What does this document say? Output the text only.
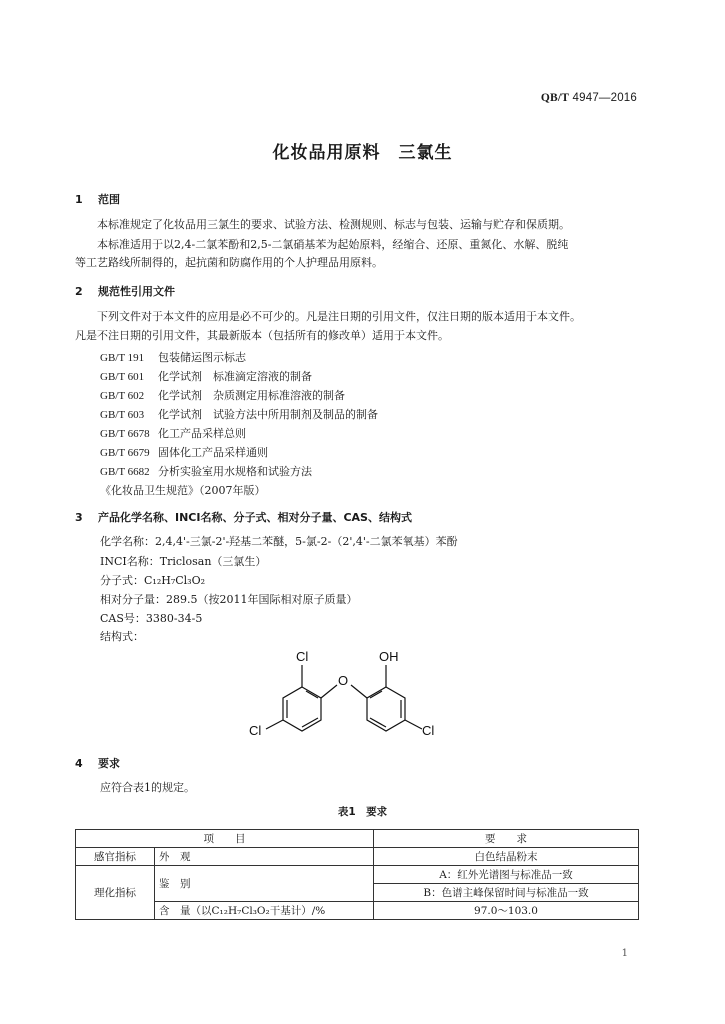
QB/T 4947—2016
化妆品用原料　三氯生
1 范围
本标准规定了化妆品用三氯生的要求、试验方法、检测规则、标志与包装、运输与贮存和保质期。
本标准适用于以2,4-二氯苯酚和2,5-二氯硝基苯为起始原料，经缩合、还原、重氮化、水解、脱纯
等工艺路线所制得的，起抗菌和防腐作用的个人护理品用原料。
2 规范性引用文件
下列文件对于本文件的应用是必不可少的。凡是注日期的引用文件，仅注日期的版本适用于本文件。
凡是不注日期的引用文件，其最新版本（包括所有的修改单）适用于本文件。
GB/T 191 包装储运图示标志
GB/T 601 化学试剂　标准滴定溶液的制备
GB/T 602 化学试剂　杂质测定用标准溶液的制备
GB/T 603 化学试剂　试验方法中所用制剂及制品的制备
GB/T 6678 化工产品采样总则
GB/T 6679 固体化工产品采样通则
GB/T 6682 分析实验室用水规格和试验方法
《化妆品卫生规范》（2007年版）
3 产品化学名称、INCI名称、分子式、相对分子量、CAS、结构式
化学名称：2,4,4'-三氯-2'-羟基二苯醚，5-氯-2-（2',4'-二氯苯氧基）苯酚
INCI名称：Triclosan（三氯生）
分子式：C₁₂H₇Cl₃O₂
相对分子量：289.5（按2011年国际相对原子质量）
CAS号：3380-34-5
结构式：
Cl	OH
O
Cl	Cl
4 要求
应符合表1的规定。
表1　要求
项　　目		要　　求
感官指标	外　观	白色结晶粉末
理化指标	鉴　别	A：红外光谱图与标准品一致
		B：色谱主峰保留时间与标准品一致
	含　量（以C₁₂H₇Cl₃O₂干基计）/%	97.0～103.0
1
